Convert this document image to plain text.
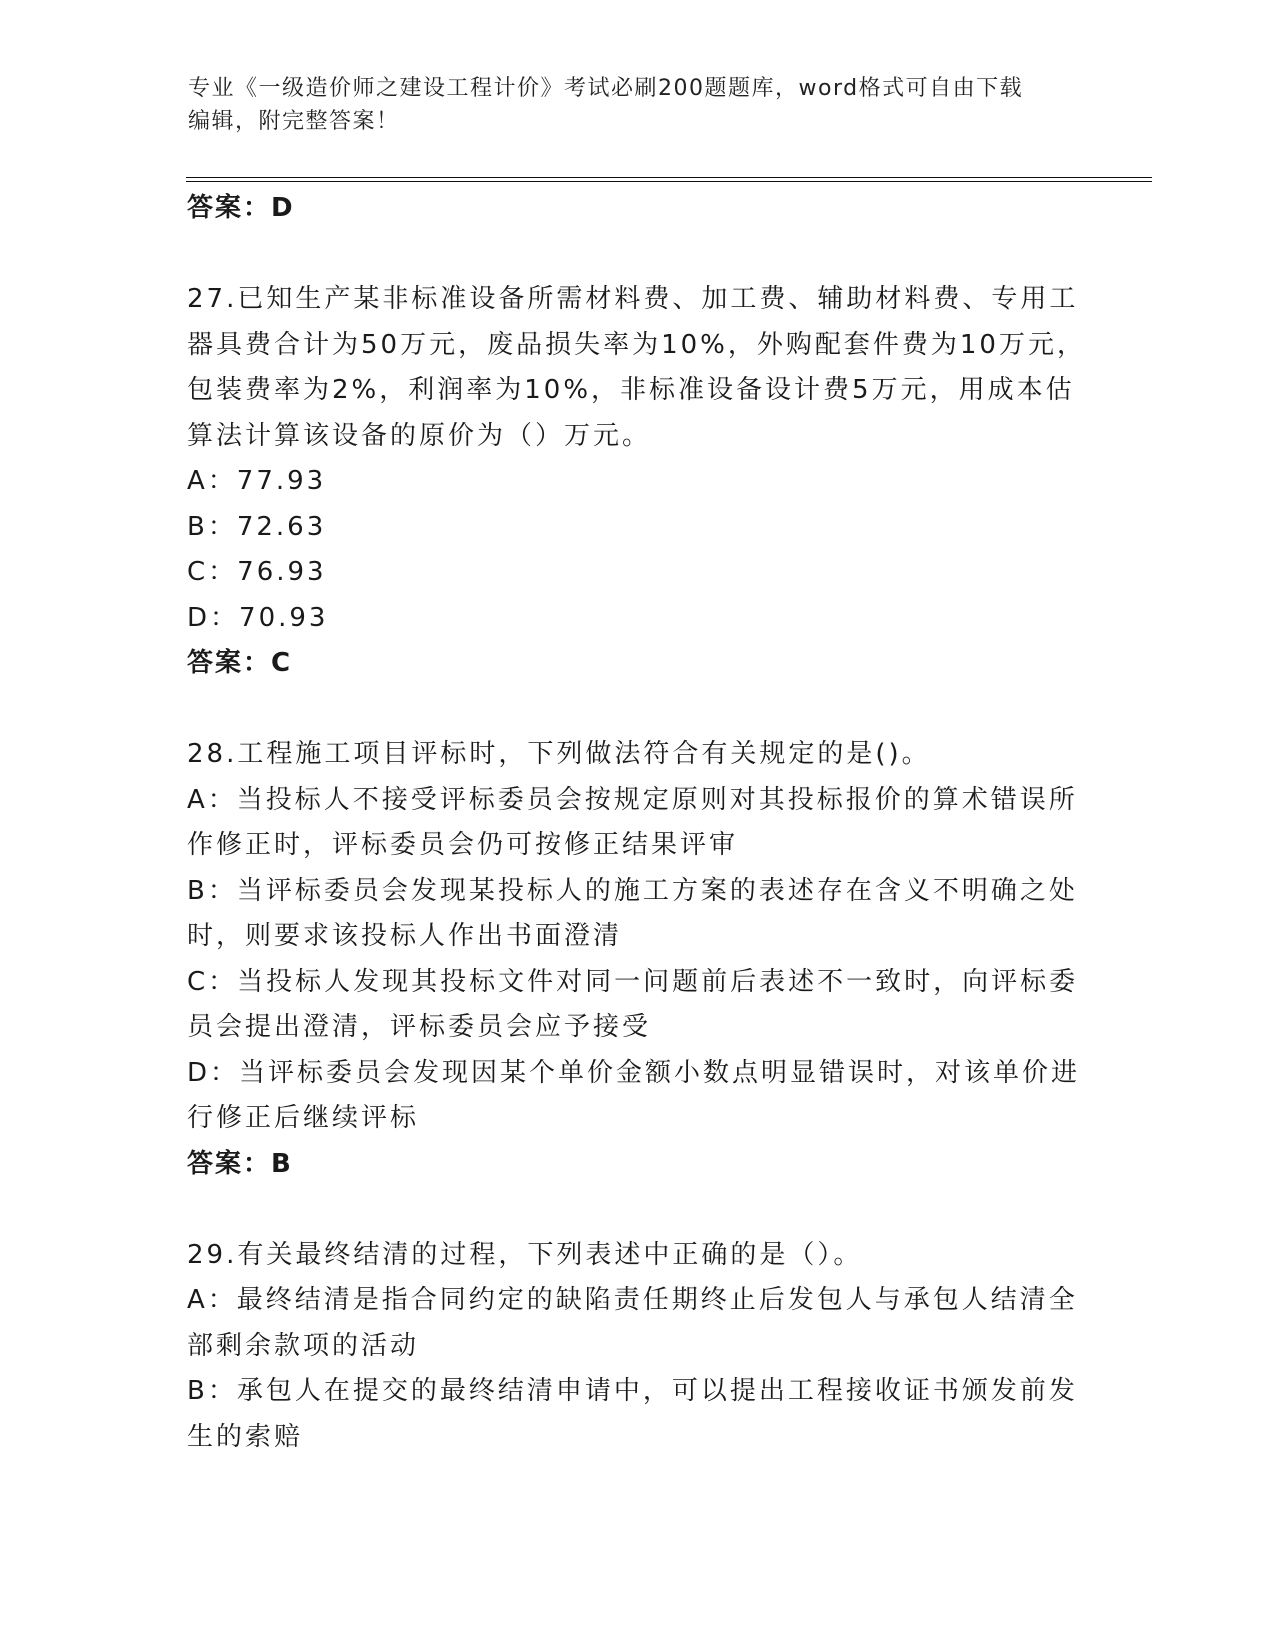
专业《一级造价师之建设工程计价》考试必刷200题题库，word格式可自由下载
编辑，附完整答案！

答案：D

27.已知生产某非标准设备所需材料费、加工费、辅助材料费、专用工

器具费合计为50万元，废品损失率为10%，外购配套件费为10万元，

包装费率为2%，利润率为10%，非标准设备设计费5万元，用成本估

算法计算该设备的原价为（）万元。

A：77.93

B：72.63

C：76.93

D：70.93

答案：C

28.工程施工项目评标时，下列做法符合有关规定的是()。

A：当投标人不接受评标委员会按规定原则对其投标报价的算术错误所

作修正时，评标委员会仍可按修正结果评审

B：当评标委员会发现某投标人的施工方案的表述存在含义不明确之处

时，则要求该投标人作出书面澄清

C：当投标人发现其投标文件对同一问题前后表述不一致时，向评标委

员会提出澄清，评标委员会应予接受

D：当评标委员会发现因某个单价金额小数点明显错误时，对该单价进

行修正后继续评标

答案：B

29.有关最终结清的过程，下列表述中正确的是（）。

A：最终结清是指合同约定的缺陷责任期终止后发包人与承包人结清全

部剩余款项的活动

B：承包人在提交的最终结清申请中，可以提出工程接收证书颁发前发

生的索赔
